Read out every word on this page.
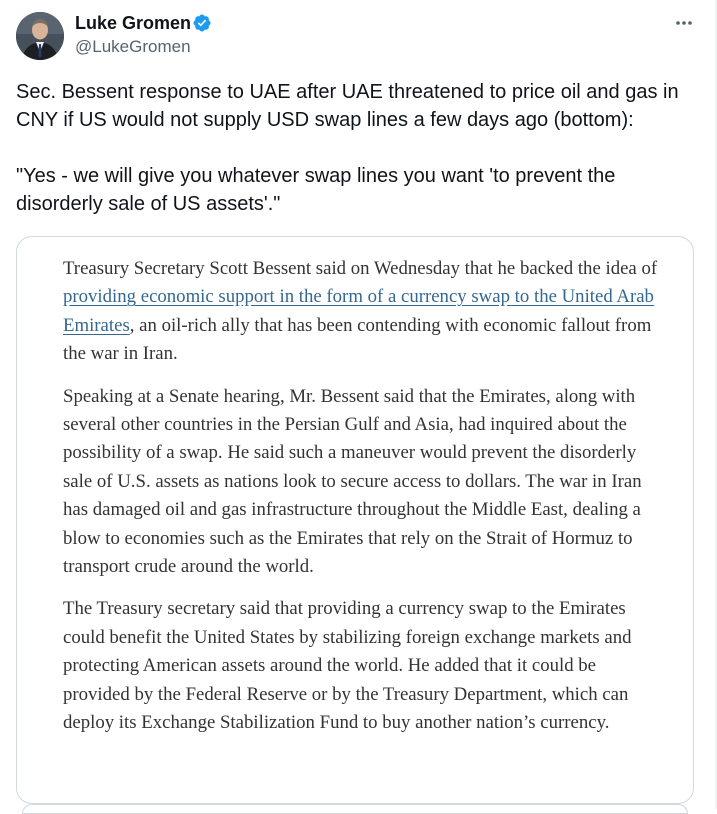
Luke Gromen
@LukeGromen

Sec. Bessent response to UAE after UAE threatened to price oil and gas in CNY if US would not supply USD swap lines a few days ago (bottom):

"Yes - we will give you whatever swap lines you want 'to prevent the disorderly sale of US assets'."

Treasury Secretary Scott Bessent said on Wednesday that he backed the idea of providing economic support in the form of a currency swap to the United Arab Emirates, an oil-rich ally that has been contending with economic fallout from the war in Iran.

Speaking at a Senate hearing, Mr. Bessent said that the Emirates, along with several other countries in the Persian Gulf and Asia, had inquired about the possibility of a swap. He said such a maneuver would prevent the disorderly sale of U.S. assets as nations look to secure access to dollars. The war in Iran has damaged oil and gas infrastructure throughout the Middle East, dealing a blow to economies such as the Emirates that rely on the Strait of Hormuz to transport crude around the world.

The Treasury secretary said that providing a currency swap to the Emirates could benefit the United States by stabilizing foreign exchange markets and protecting American assets around the world. He added that it could be provided by the Federal Reserve or by the Treasury Department, which can deploy its Exchange Stabilization Fund to buy another nation’s currency.
